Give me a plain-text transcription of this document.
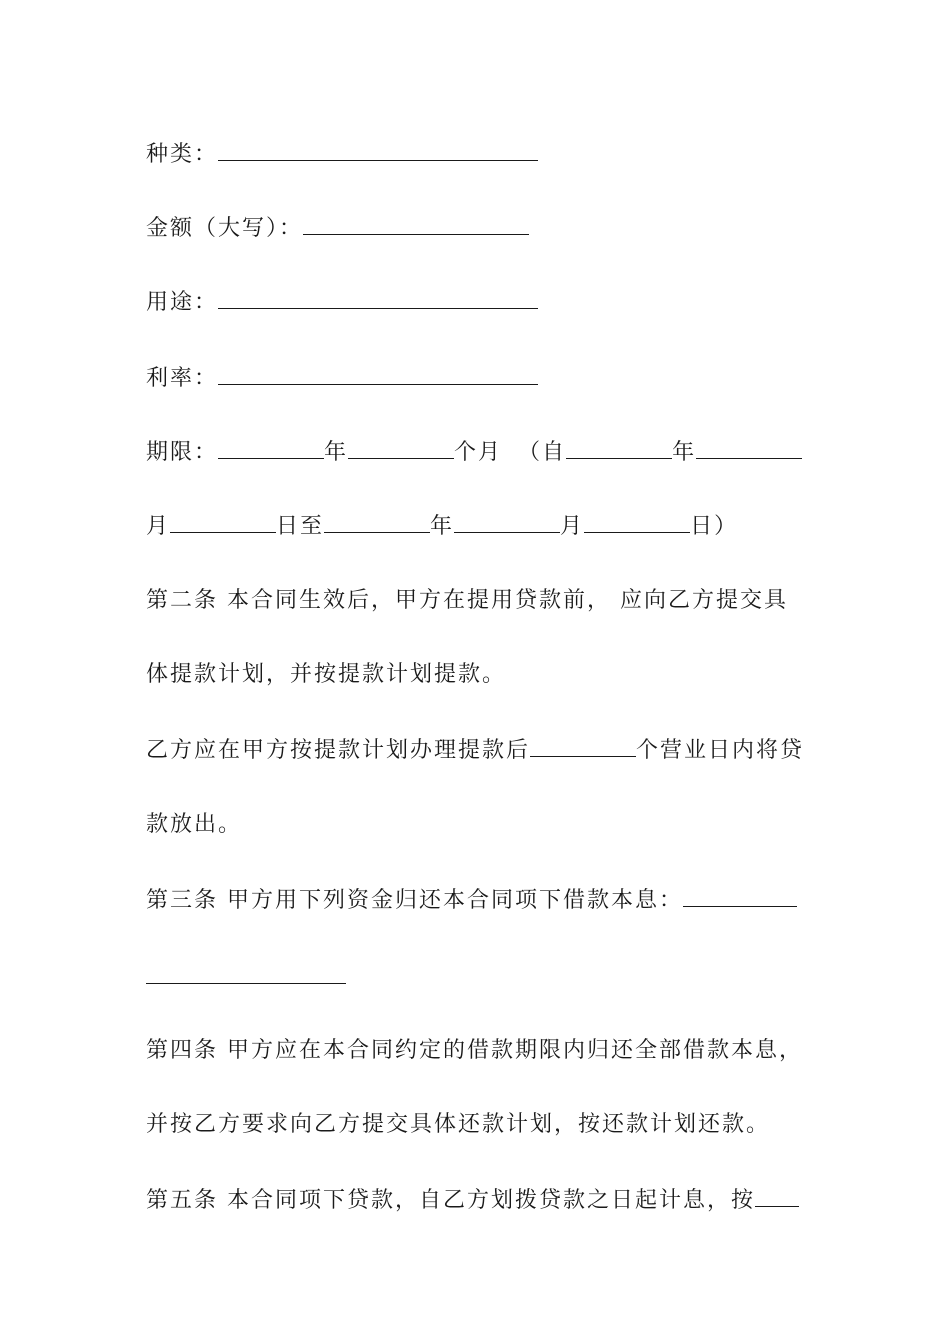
种类：
金额（大写）：
用途：
利率：
期限：	年	个月 （自	年
月	日至	年	月	日）
第二条 本合同生效后，甲方在提用贷款前， 应向乙方提交具
体提款计划，并按提款计划提款。
乙方应在甲方按提款计划办理提款后	个营业日内将贷
款放出。
第三条 甲方用下列资金归还本合同项下借款本息：
第四条 甲方应在本合同约定的借款期限内归还全部借款本息，
并按乙方要求向乙方提交具体还款计划，按还款计划还款。
第五条 本合同项下贷款，自乙方划拨贷款之日起计息，按
